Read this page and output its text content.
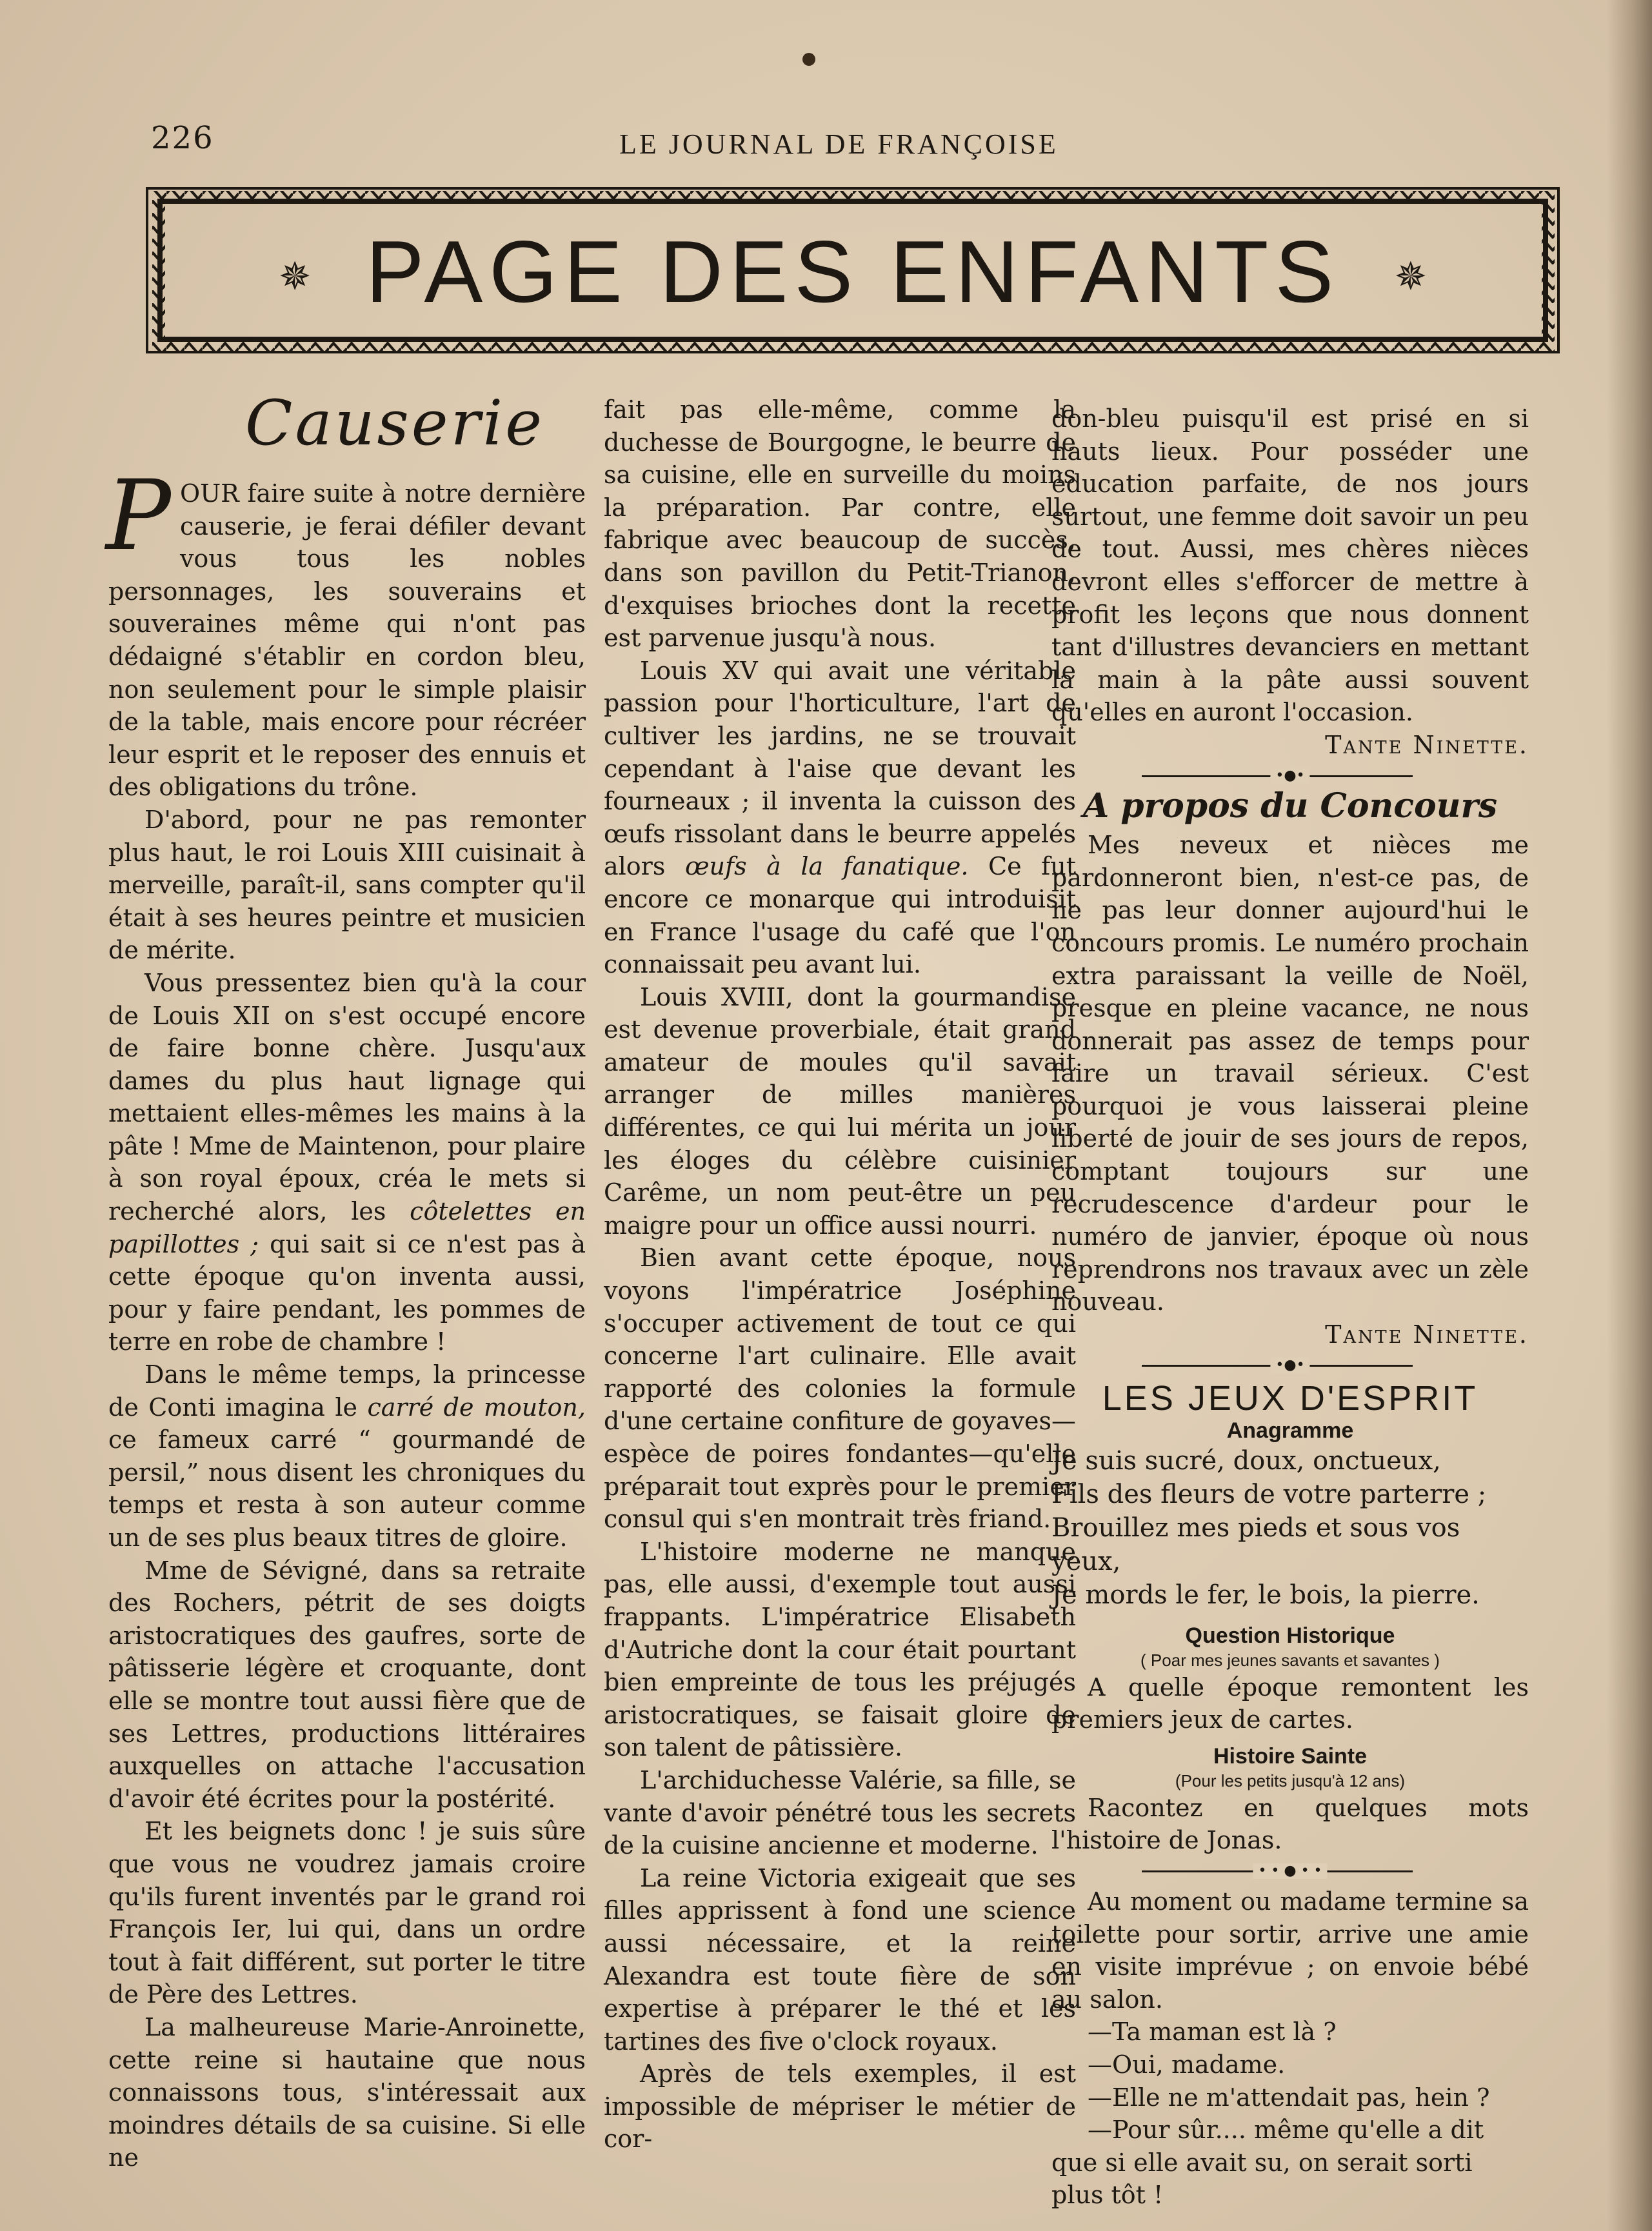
226	LE JOURNAL DE FRANÇOISE
✵ PAGE DES ENFANTS	✵
Causerie

POUR faire suite à notre dernière causerie, je ferai défiler devant vous tous les nobles personnages, les souverains et souveraines même qui n'ont pas dédaigné s'établir en cordon bleu, non seulement pour le simple plaisir de la table, mais encore pour récréer leur esprit et le reposer des ennuis et des obligations du trône.

D'abord, pour ne pas remonter plus haut, le roi Louis XIII cuisinait à merveille, paraît-il, sans compter qu'il était à ses heures peintre et musicien de mérite.

Vous pressentez bien qu'à la cour de Louis XII on s'est occupé encore de faire bonne chère. Jusqu'aux dames du plus haut lignage qui mettaient elles-mêmes les mains à la pâte ! Mme de Maintenon, pour plaire à son royal époux, créa le mets si recherché alors, les côtelettes en papillottes ; qui sait si ce n'est pas à cette époque qu'on inventa aussi, pour y faire pendant, les pommes de terre en robe de chambre !

Dans le même temps, la princesse de Conti imagina le carré de mouton, ce fameux carré “ gourmandé de persil,” nous disent les chroniques du temps et resta à son auteur comme un de ses plus beaux titres de gloire.

Mme de Sévigné, dans sa retraite des Rochers, pétrit de ses doigts aristocratiques des gaufres, sorte de pâtisserie légère et croquante, dont elle se montre tout aussi fière que de ses Lettres, productions littéraires auxquelles on attache l'accusation d'avoir été écrites pour la postérité.

Et les beignets donc ! je suis sûre que vous ne voudrez jamais croire qu'ils furent inventés par le grand roi François Ier, lui qui, dans un ordre tout à fait différent, sut porter le titre de Père des Lettres.

La malheureuse Marie-Anroinette, cette reine si hautaine que nous connaissons tous, s'intéressait aux moindres détails de sa cuisine. Si elle ne

fait pas elle-même, comme la duchesse de Bourgogne, le beurre de sa cuisine, elle en surveille du moins la préparation. Par contre, elle fabrique avec beaucoup de succès, dans son pavillon du Petit-Trianon, d'exquises brioches dont la recette est parvenue jusqu'à nous.

Louis XV qui avait une véritable passion pour l'horticulture, l'art de cultiver les jardins, ne se trouvait cependant à l'aise que devant les fourneaux ; il inventa la cuisson des œufs rissolant dans le beurre appelés alors œufs à la fanatique. Ce fut encore ce monarque qui introduisit en France l'usage du café que l'on connaissait peu avant lui.

Louis XVIII, dont la gourmandise est devenue proverbiale, était grand amateur de moules qu'il savait arranger de milles manières différentes, ce qui lui mérita un jour les éloges du célèbre cuisinier Carême, un nom peut-être un peu maigre pour un office aussi nourri.

Bien avant cette époque, nous voyons l'impératrice Joséphine s'occuper activement de tout ce qui concerne l'art culinaire. Elle avait rapporté des colonies la formule d'une certaine confiture de goyaves—espèce de poires fondantes—qu'elle préparait tout exprès pour le premier consul qui s'en montrait très friand.

L'histoire moderne ne manque pas, elle aussi, d'exemple tout aussi frappants. L'impératrice Elisabeth d'Autriche dont la cour était pourtant bien empreinte de tous les préjugés aristocratiques, se faisait gloire de son talent de pâtissière.

L'archiduchesse Valérie, sa fille, se vante d'avoir pénétré tous les secrets de la cuisine ancienne et moderne.

La reine Victoria exigeait que ses filles apprissent à fond une science aussi nécessaire, et la reine Alexandra est toute fière de son expertise à préparer le thé et les tartines des five o'clock royaux.

Après de tels exemples, il est impossible de mépriser le métier de cor-

don-bleu puisqu'il est prisé en si hauts lieux. Pour posséder une éducation parfaite, de nos jours surtout, une femme doit savoir un peu de tout. Aussi, mes chères nièces devront elles s'efforcer de mettre à profit les leçons que nous donnent tant d'illustres devanciers en mettant la main à la pâte aussi souvent qu'elles en auront l'occasion.

Tante Ninette.

•●•
A propos du Concours

Mes neveux et nièces me pardonneront bien, n'est-ce pas, de ne pas leur donner aujourd'hui le concours promis. Le numéro prochain extra paraissant la veille de Noël, presque en pleine vacance, ne nous donnerait pas assez de temps pour faire un travail sérieux. C'est pourquoi je vous laisserai pleine liberté de jouir de ses jours de repos, comptant toujours sur une recrudescence d'ardeur pour le numéro de janvier, époque où nous reprendrons nos travaux avec un zèle nouveau.

Tante Ninette.

•●•
LES JEUX D'ESPRIT
Anagramme
Je suis sucré, doux, onctueux,
Fils des fleurs de votre parterre ;
Brouillez mes pieds et sous vos yeux,
Je mords le fer, le bois, la pierre.
Question Historique
( Poar mes jeunes savants et savantes )

A quelle époque remontent les premiers jeux de cartes.

Histoire Sainte
(Pour les petits jusqu'à 12 ans)

Racontez en quelques mots l'histoire de Jonas.

• • ● • •

Au moment ou madame termine sa toilette pour sortir, arrive une amie en visite imprévue ; on envoie bébé au salon.

—Ta maman est là ?

—Oui, madame.

—Elle ne m'attendait pas, hein ?

—Pour sûr.... même qu'elle a dit que si elle avait su, on serait sorti plus tôt !
